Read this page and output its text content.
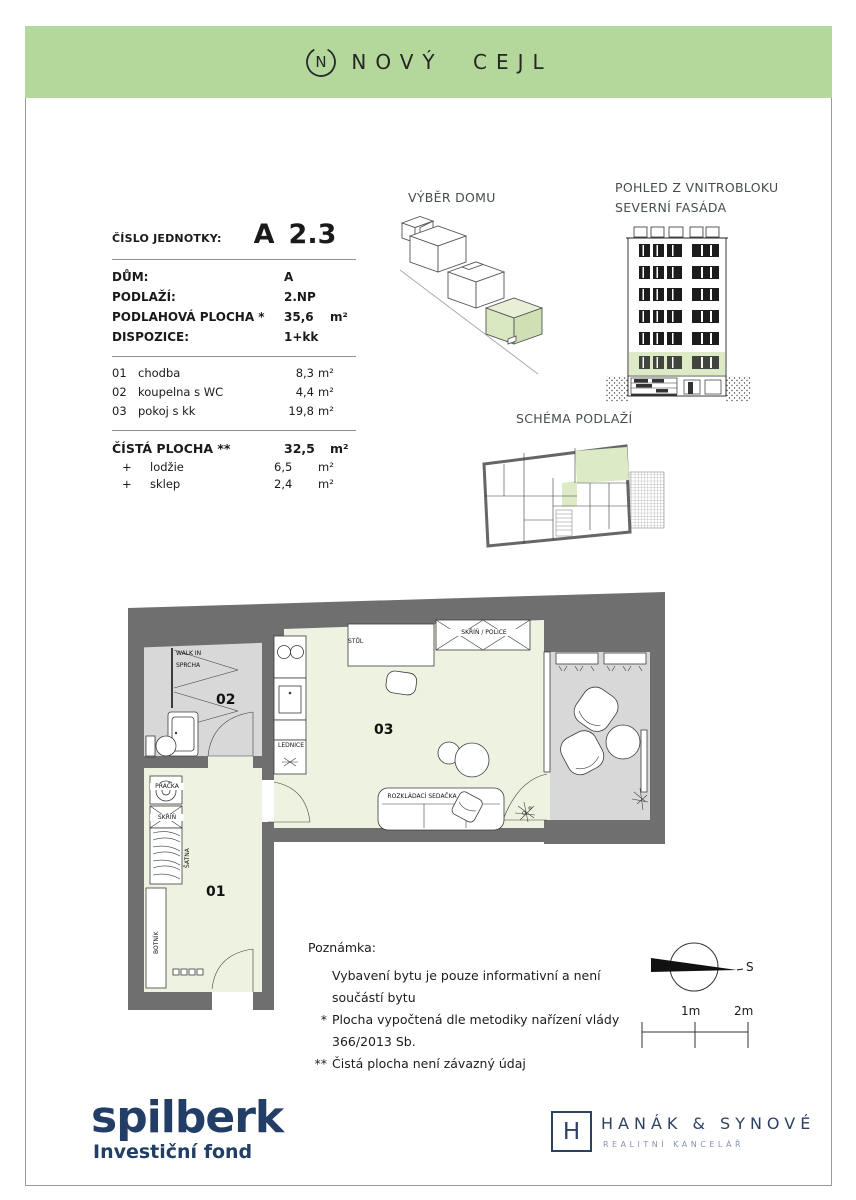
N NOVÝ CEJL
ČÍSLO JEDNOTKY: A 2.3
DŮM:	A
PODLAŽÍ:	2.NP
PODLAHOVÁ PLOCHA *	35,6	m²
DISPOZICE:	1+kk
01 chodba	8,3 m²
02 koupelna s WC	4,4 m²
03 pokoj s kk	19,8 m²
ČÍSTÁ PLOCHA **	32,5	m²
+	lodžie	6,5	m²
+	sklep	2,4	m²
VÝBĚR DOMU
POHLED Z VNITROBLOKU
SEVERNÍ FASÁDA
SCHÉMA PODLAŽÍ
WALK IN
SPRCHA
02
LEDNICE
STŮL
SKŘÍŇ / POLICE
03
ROZKLÁDACÍ SEDAČKA
01
PRAČKA
SKŘÍŇ
ŠATNA
BOTNÍK	Poznámka:
Vybavení bytu je pouze informativní a není součástí bytu
* Plocha vypočtená dle metodiky nařízení vlády 366/2013 Sb.
** Čistá plocha není závazný údaj
S
1m	2m
spilberk
Investiční fond
H HANÁK & SYNOVÉ
REALITNÍ KANCELÁŘ
